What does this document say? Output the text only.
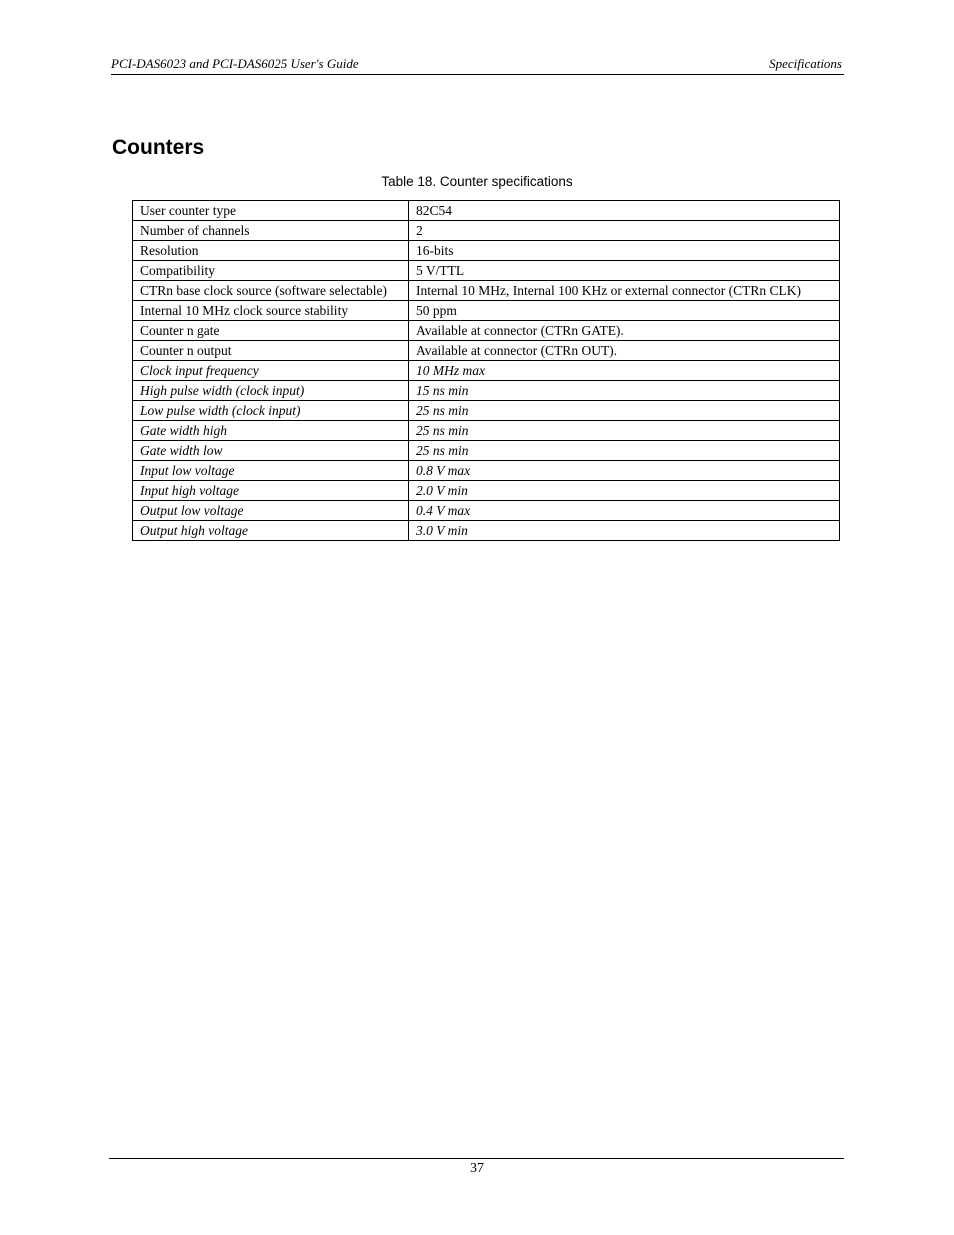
PCI-DAS6023 and PCI-DAS6025 User's Guide	Specifications
Counters
Table 18. Counter specifications
User counter type	82C54
Number of channels	2
Resolution	16-bits
Compatibility	5 V/TTL
CTRn base clock source (software selectable)	Internal 10 MHz, Internal 100 KHz or external connector (CTRn CLK)
Internal 10 MHz clock source stability	50 ppm
Counter n gate	Available at connector (CTRn GATE).
Counter n output	Available at connector (CTRn OUT).
Clock input frequency	10 MHz max
High pulse width (clock input)	15 ns min
Low pulse width (clock input)	25 ns min
Gate width high	25 ns min
Gate width low	25 ns min
Input low voltage	0.8 V max
Input high voltage	2.0 V min
Output low voltage	0.4 V max
Output high voltage	3.0 V min
37
